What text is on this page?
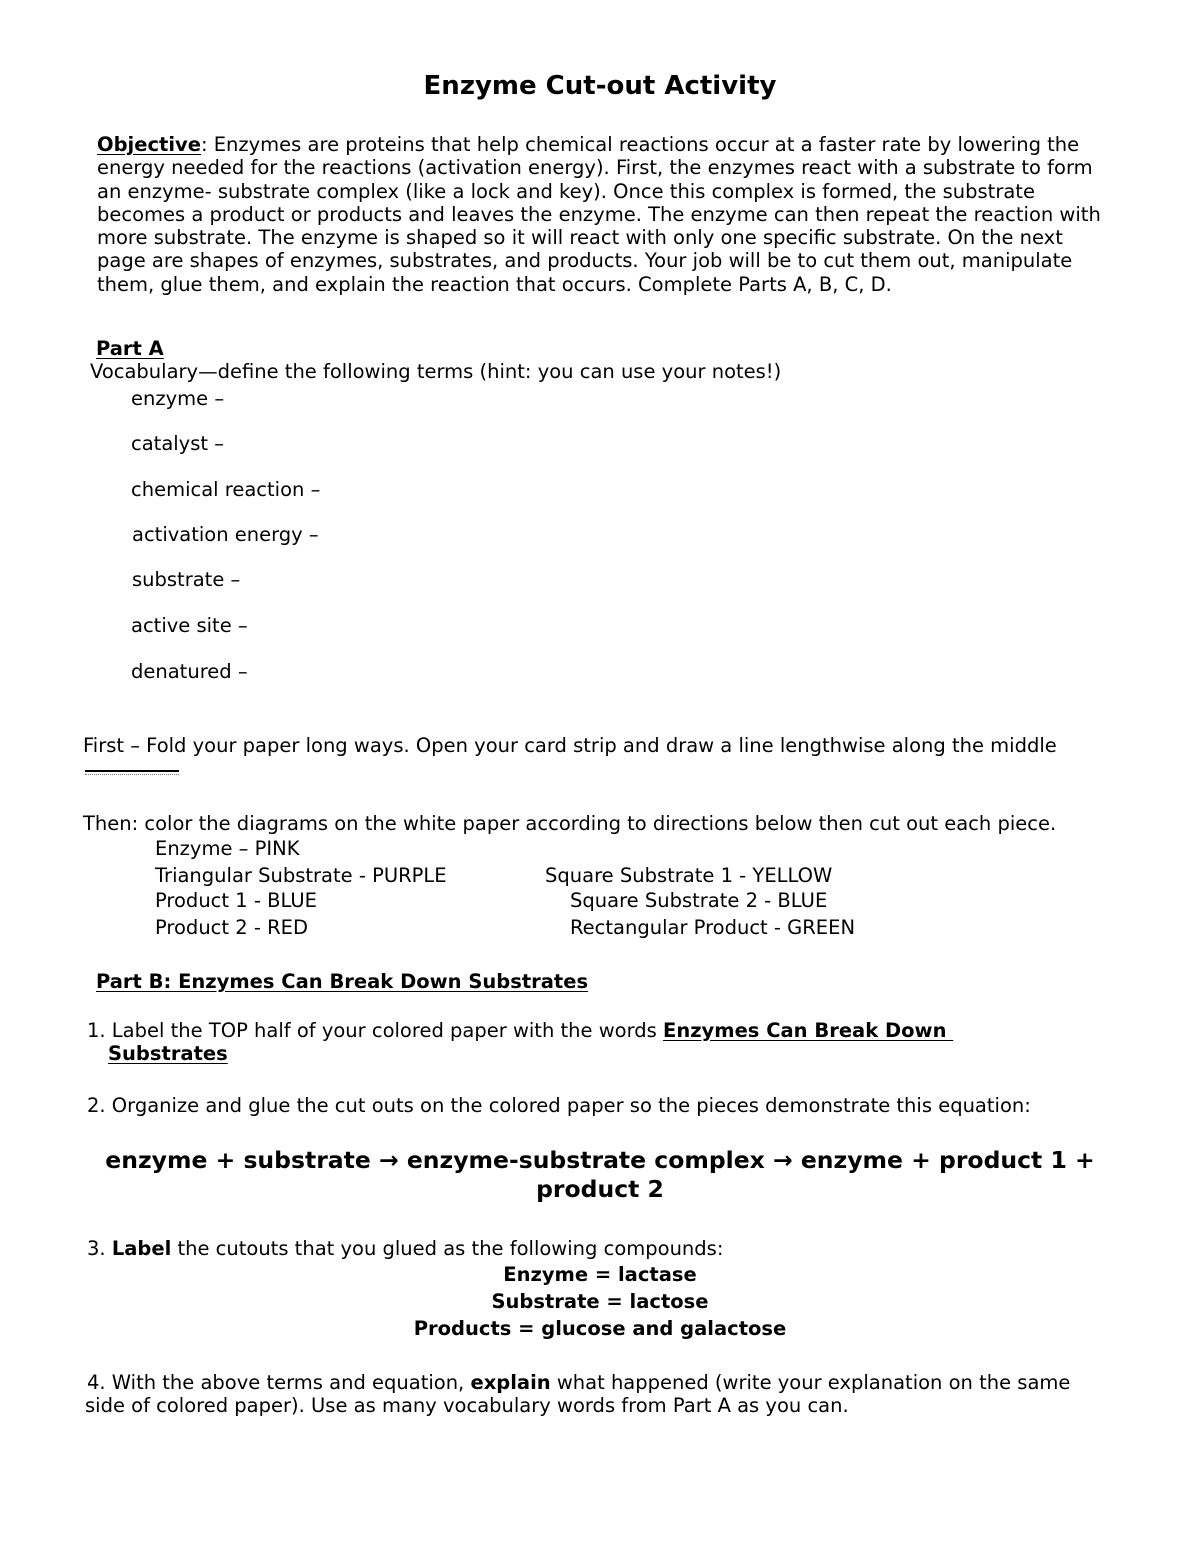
Enzyme Cut-out Activity
Objective: Enzymes are proteins that help chemical reactions occur at a faster rate by lowering the
energy needed for the reactions (activation energy). First, the enzymes react with a substrate to form
an enzyme- substrate complex (like a lock and key). Once this complex is formed, the substrate
becomes a product or products and leaves the enzyme. The enzyme can then repeat the reaction with
more substrate. The enzyme is shaped so it will react with only one specific substrate. On the next
page are shapes of enzymes, substrates, and products. Your job will be to cut them out, manipulate
them, glue them, and explain the reaction that occurs. Complete Parts A, B, C, D.
Part A
Vocabulary—define the following terms (hint: you can use your notes!)
enzyme –
catalyst –
chemical reaction –
activation energy –
substrate –
active site –
denatured –
First – Fold your paper long ways. Open your card strip and draw a line lengthwise along the middle
Then: color the diagrams on the white paper according to directions below then cut out each piece.
Enzyme – PINK
Triangular Substrate - PURPLE
Product 1 - BLUE
Product 2 - RED
Square Substrate 1 - YELLOW
Square Substrate 2 - BLUE
Rectangular Product - GREEN
Part B: Enzymes Can Break Down Substrates
1. Label the TOP half of your colored paper with the words Enzymes Can Break Down
Substrates
2. Organize and glue the cut outs on the colored paper so the pieces demonstrate this equation:
enzyme + substrate → enzyme-substrate complex → enzyme + product 1 +
product 2
3. Label the cutouts that you glued as the following compounds:
Enzyme = lactase
Substrate = lactose
Products = glucose and galactose
4. With the above terms and equation, explain what happened (write your explanation on the same
side of colored paper). Use as many vocabulary words from Part A as you can.
